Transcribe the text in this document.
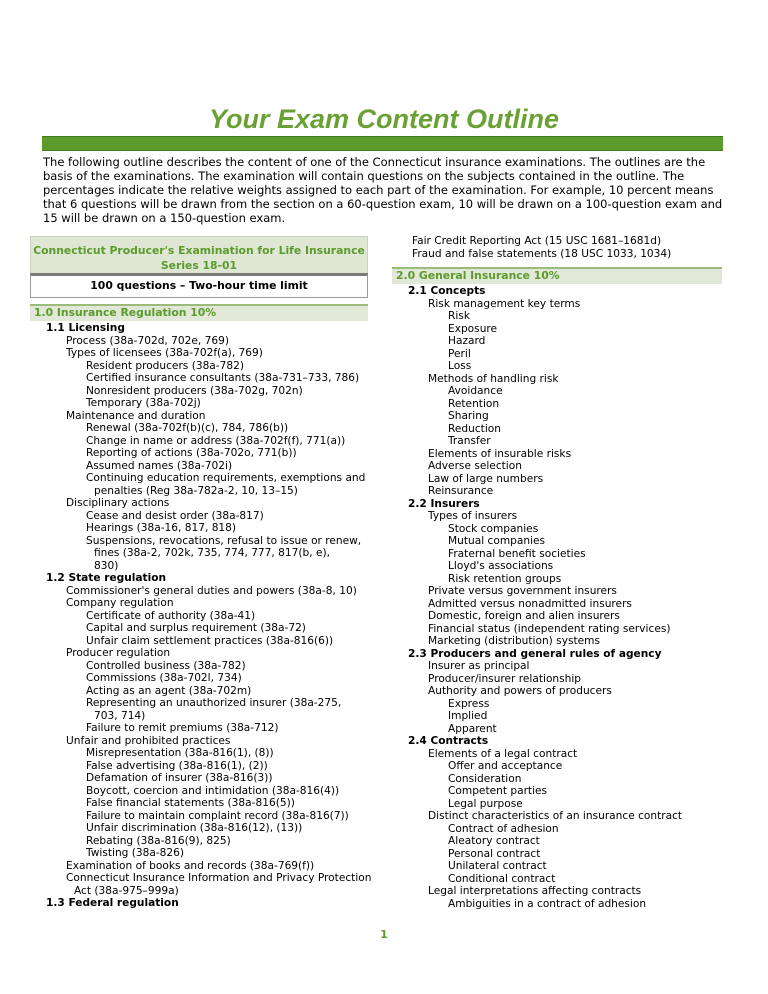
Your Exam Content Outline
The following outline describes the content of one of the Connecticut insurance examinations. The outlines are the basis of the examinations. The examination will contain questions on the subjects contained in the outline. The percentages indicate the relative weights assigned to each part of the examination. For example, 10 percent means that 6 questions will be drawn from the section on a 60-question exam, 10 will be drawn on a 100-question exam and 15 will be drawn on a 150-question exam.
Connecticut Producer's Examination for Life Insurance
Series 18-01
100 questions – Two-hour time limit
1.0 Insurance Regulation 10%
1.1 Licensing
Process (38a-702d, 702e, 769)
Types of licensees (38a-702f(a), 769)
Resident producers (38a-782)
Certified insurance consultants (38a-731–733, 786)
Nonresident producers (38a-702g, 702n)
Temporary (38a-702j)
Maintenance and duration
Renewal (38a-702f(b)(c), 784, 786(b))
Change in name or address (38a-702f(f), 771(a))
Reporting of actions (38a-702o, 771(b))
Assumed names (38a-702i)
Continuing education requirements, exemptions and
penalties (Reg 38a-782a-2, 10, 13–15)
Disciplinary actions
Cease and desist order (38a-817)
Hearings (38a-16, 817, 818)
Suspensions, revocations, refusal to issue or renew,
fines (38a-2, 702k, 735, 774, 777, 817(b, e),
830)
1.2 State regulation
Commissioner's general duties and powers (38a-8, 10)
Company regulation
Certificate of authority (38a-41)
Capital and surplus requirement (38a-72)
Unfair claim settlement practices (38a-816(6))
Producer regulation
Controlled business (38a-782)
Commissions (38a-702l, 734)
Acting as an agent (38a-702m)
Representing an unauthorized insurer (38a-275,
703, 714)
Failure to remit premiums (38a-712)
Unfair and prohibited practices
Misrepresentation (38a-816(1), (8))
False advertising (38a-816(1), (2))
Defamation of insurer (38a-816(3))
Boycott, coercion and intimidation (38a-816(4))
False financial statements (38a-816(5))
Failure to maintain complaint record (38a-816(7))
Unfair discrimination (38a-816(12), (13))
Rebating (38a-816(9), 825)
Twisting (38a-826)
Examination of books and records (38a-769(f))
Connecticut Insurance Information and Privacy Protection
Act (38a-975–999a)
1.3 Federal regulation
Fair Credit Reporting Act (15 USC 1681–1681d)
Fraud and false statements (18 USC 1033, 1034)
2.0 General Insurance 10%
2.1 Concepts
Risk management key terms
Risk
Exposure
Hazard
Peril
Loss
Methods of handling risk
Avoidance
Retention
Sharing
Reduction
Transfer
Elements of insurable risks
Adverse selection
Law of large numbers
Reinsurance
2.2 Insurers
Types of insurers
Stock companies
Mutual companies
Fraternal benefit societies
Lloyd's associations
Risk retention groups
Private versus government insurers
Admitted versus nonadmitted insurers
Domestic, foreign and alien insurers
Financial status (independent rating services)
Marketing (distribution) systems
2.3 Producers and general rules of agency
Insurer as principal
Producer/insurer relationship
Authority and powers of producers
Express
Implied
Apparent
2.4 Contracts
Elements of a legal contract
Offer and acceptance
Consideration
Competent parties
Legal purpose
Distinct characteristics of an insurance contract
Contract of adhesion
Aleatory contract
Personal contract
Unilateral contract
Conditional contract
Legal interpretations affecting contracts
Ambiguities in a contract of adhesion
1
